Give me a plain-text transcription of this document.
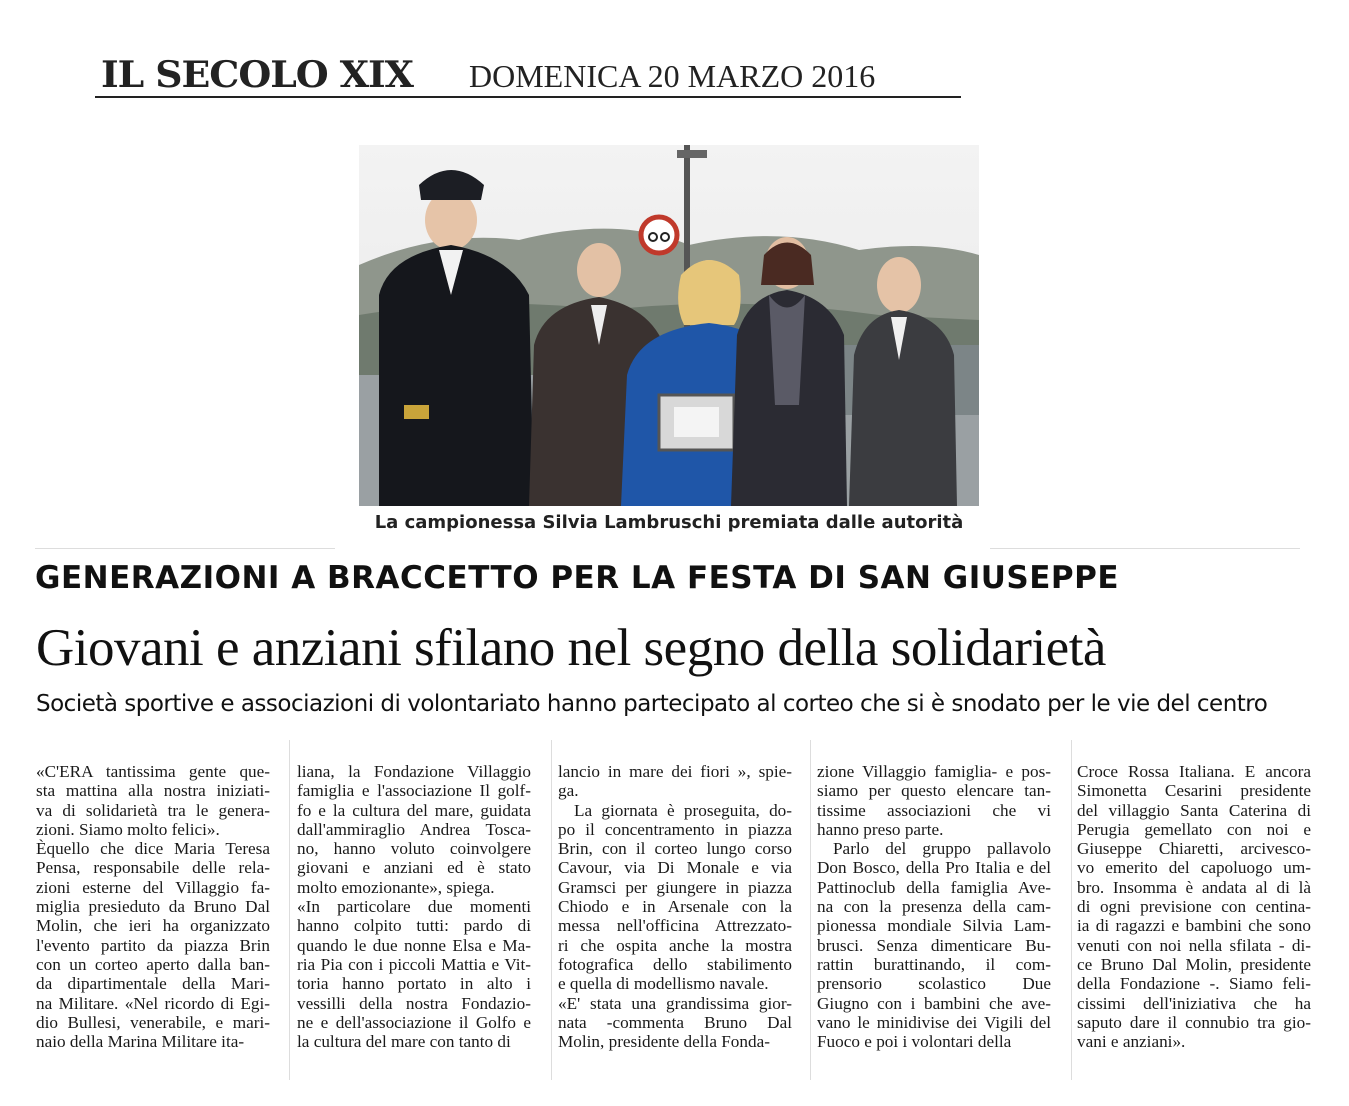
IL SECOLO XIX DOMENICA 20 MARZO 2016
La campionessa Silvia Lambruschi premiata dalle autorità
GENERAZIONI A BRACCETTO PER LA FESTA DI SAN GIUSEPPE
Giovani e anziani sfilano nel segno della solidarietà
Società sportive e associazioni di volontariato hanno partecipato al corteo che si è snodato per le vie del centro
«C'ERA tantissima gente que-
sta mattina alla nostra iniziati-
va di solidarietà tra le genera-
zioni. Siamo molto felici».
Èquello che dice Maria Teresa
Pensa, responsabile delle rela-
zioni esterne del Villaggio fa-
miglia presieduto da Bruno Dal
Molin, che ieri ha organizzato
l'evento partito da piazza Brin
con un corteo aperto dalla ban-
da dipartimentale della Mari-
na Militare. «Nel ricordo di Egi-
dio Bullesi, venerabile, e mari-
naio della Marina Militare ita-
liana, la Fondazione Villaggio
famiglia e l'associazione Il golf-
fo e la cultura del mare, guidata
dall'ammiraglio Andrea Tosca-
no, hanno voluto coinvolgere
giovani e anziani ed è stato
molto emozionante», spiega.
«In particolare due momenti
hanno colpito tutti: pardo di
quando le due nonne Elsa e Ma-
ria Pia con i piccoli Mattia e Vit-
toria hanno portato in alto i
vessilli della nostra Fondazio-
ne e dell'associazione il Golfo e
la cultura del mare con tanto di
lancio in mare dei fiori », spie-
ga.
La giornata è proseguita, do-
po il concentramento in piazza
Brin, con il corteo lungo corso
Cavour, via Di Monale e via
Gramsci per giungere in piazza
Chiodo e in Arsenale con la
messa nell'officina Attrezzato-
ri che ospita anche la mostra
fotografica dello stabilimento
e quella di modellismo navale.
«E' stata una grandissima gior-
nata -commenta Bruno Dal
Molin, presidente della Fonda-
zione Villaggio famiglia- e pos-
siamo per questo elencare tan-
tissime associazioni che vi
hanno preso parte.
Parlo del gruppo pallavolo
Don Bosco, della Pro Italia e del
Pattinoclub della famiglia Ave-
na con la presenza della cam-
pionessa mondiale Silvia Lam-
brusci. Senza dimenticare Bu-
rattin burattinando, il com-
prensorio scolastico Due
Giugno con i bambini che ave-
vano le minidivise dei Vigili del
Fuoco e poi i volontari della
Croce Rossa Italiana. E ancora
Simonetta Cesarini presidente
del villaggio Santa Caterina di
Perugia gemellato con noi e
Giuseppe Chiaretti, arcivesco-
vo emerito del capoluogo um-
bro. Insomma è andata al di là
di ogni previsione con centina-
ia di ragazzi e bambini che sono
venuti con noi nella sfilata - di-
ce Bruno Dal Molin, presidente
della Fondazione -. Siamo feli-
cissimi dell'iniziativa che ha
saputo dare il connubio tra gio-
vani e anziani».
